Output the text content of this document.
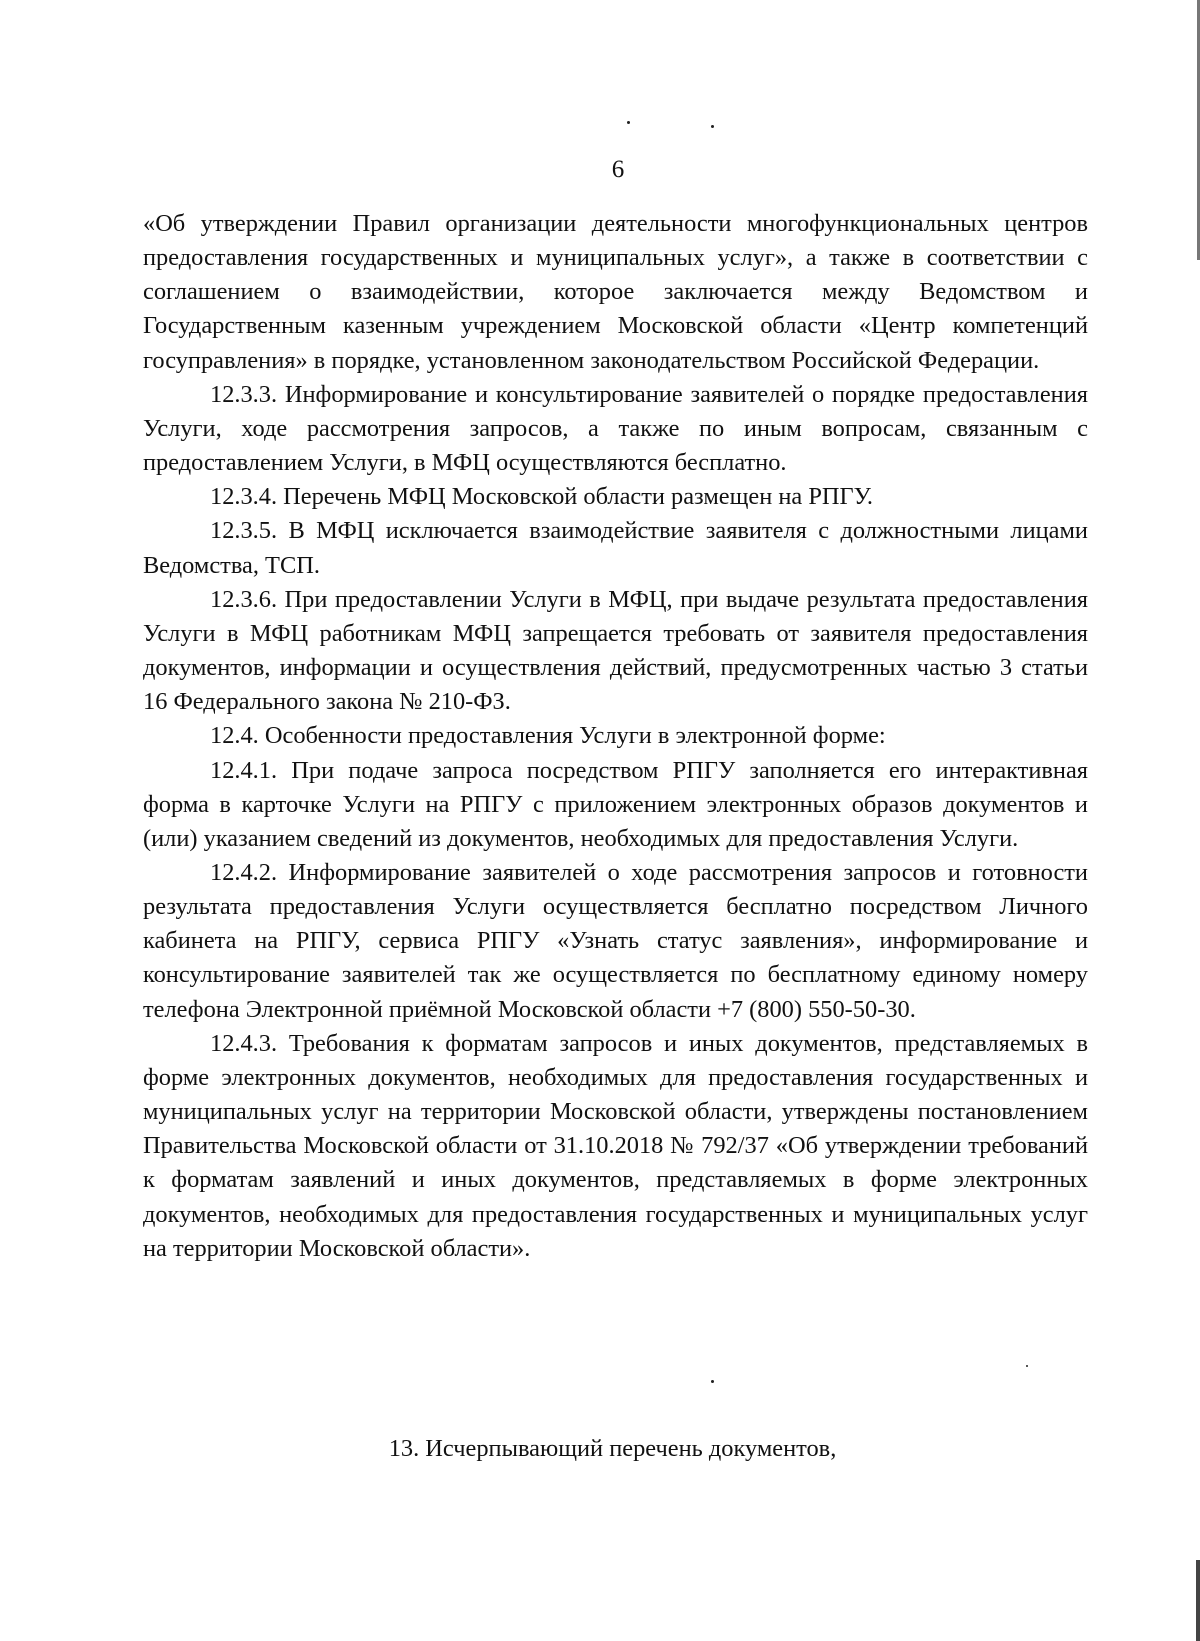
6

«Об утверждении Правил организации деятельности многофункциональных центров предоставления государственных и муниципальных услуг», а также в соответствии с соглашением о взаимодействии, которое заключается между Ведомством и Государственным казенным учреждением Московской области «Центр компетенций госуправления» в порядке, установленном законодательством Российской Федерации.

12.3.3. Информирование и консультирование заявителей о порядке предоставления Услуги, ходе рассмотрения запросов, а также по иным вопросам, связанным с предоставлением Услуги, в МФЦ осуществляются бесплатно.

12.3.4. Перечень МФЦ Московской области размещен на РПГУ.

12.3.5. В МФЦ исключается взаимодействие заявителя с должностными лицами Ведомства, ТСП.

12.3.6. При предоставлении Услуги в МФЦ, при выдаче результата предоставления Услуги в МФЦ работникам МФЦ запрещается требовать от заявителя предоставления документов, информации и осуществления действий, предусмотренных частью 3 статьи 16 Федерального закона № 210-ФЗ.

12.4. Особенности предоставления Услуги в электронной форме:

12.4.1. При подаче запроса посредством РПГУ заполняется его интерактивная форма в карточке Услуги на РПГУ с приложением электронных образов документов и (или) указанием сведений из документов, необходимых для предоставления Услуги.

12.4.2. Информирование заявителей о ходе рассмотрения запросов и готовности результата предоставления Услуги осуществляется бесплатно посредством Личного кабинета на РПГУ, сервиса РПГУ «Узнать статус заявления», информирование и консультирование заявителей так же осуществляется по бесплатному единому номеру телефона Электронной приёмной Московской области +7 (800) 550-50-30.

12.4.3. Требования к форматам запросов и иных документов, представляемых в форме электронных документов, необходимых для предоставления государственных и муниципальных услуг на территории Московской области, утверждены постановлением Правительства Московской области от 31.10.2018 № 792/37 «Об утверждении требований к форматам заявлений и иных документов, представляемых в форме электронных документов, необходимых для предоставления государственных и муниципальных услуг на территории Московской области».

13. Исчерпывающий перечень документов,
